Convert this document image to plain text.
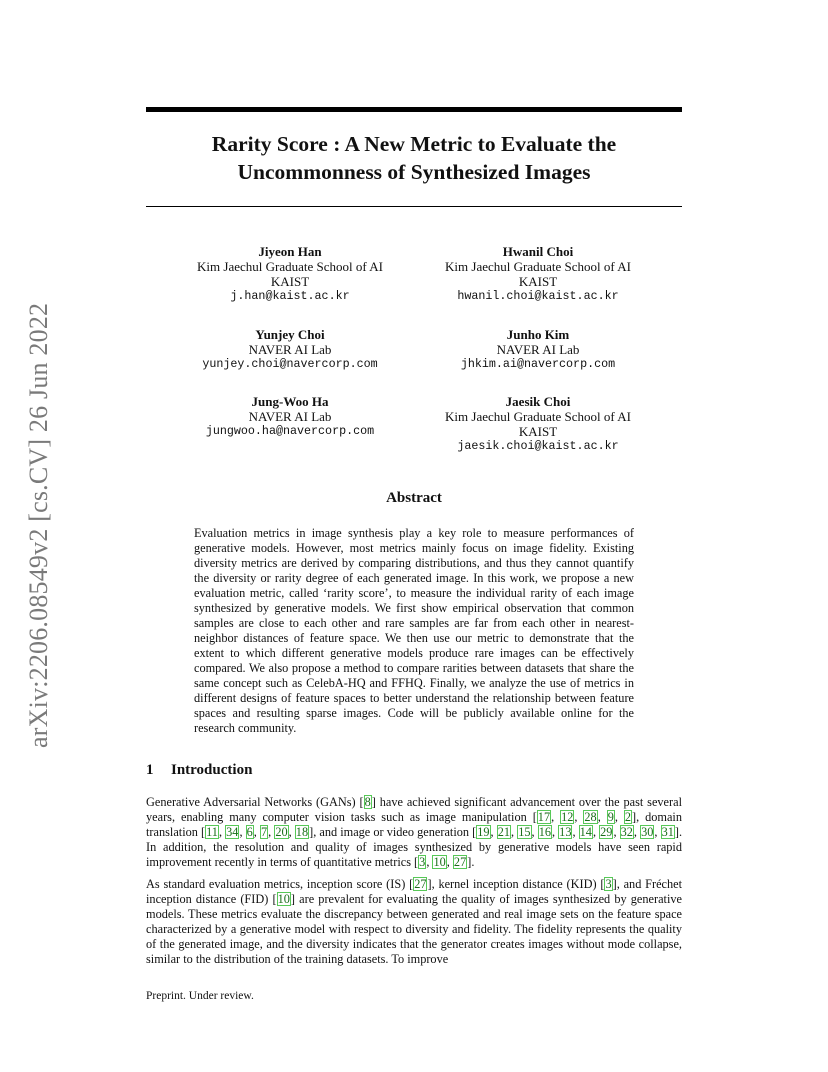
arXiv:2206.08549v2 [cs.CV] 26 Jun 2022
Rarity Score : A New Metric to Evaluate the
Uncommonness of Synthesized Images
Jiyeon Han
Kim Jaechul Graduate School of AI
KAIST
j.han@kaist.ac.kr
Hwanil Choi
Kim Jaechul Graduate School of AI
KAIST
hwanil.choi@kaist.ac.kr
Yunjey Choi
NAVER AI Lab
yunjey.choi@navercorp.com
Junho Kim
NAVER AI Lab
jhkim.ai@navercorp.com
Jung-Woo Ha
NAVER AI Lab
jungwoo.ha@navercorp.com
Jaesik Choi
Kim Jaechul Graduate School of AI
KAIST
jaesik.choi@kaist.ac.kr
Abstract
Evaluation metrics in image synthesis play a key role to measure performances of generative models. However, most metrics mainly focus on image fidelity. Existing diversity metrics are derived by comparing distributions, and thus they cannot quantify the diversity or rarity degree of each generated image. In this work, we propose a new evaluation metric, called ‘rarity score’, to measure the individual rarity of each image synthesized by generative models. We first show empirical observation that common samples are close to each other and rare samples are far from each other in nearest-neighbor distances of feature space. We then use our metric to demonstrate that the extent to which different generative models produce rare images can be effectively compared. We also propose a method to compare rarities between datasets that share the same concept such as CelebA-HQ and FFHQ. Finally, we analyze the use of metrics in different designs of feature spaces to better understand the relationship between feature spaces and resulting sparse images. Code will be publicly available online for the research community.
1 Introduction
Generative Adversarial Networks (GANs) [8] have achieved significant advancement over the past several years, enabling many computer vision tasks such as image manipulation [17, 12, 28, 9, 2], domain translation [11, 34, 6, 7, 20, 18], and image or video generation [19, 21, 15, 16, 13, 14, 29, 32, 30, 31]. In addition, the resolution and quality of images synthesized by generative models have seen rapid improvement recently in terms of quantitative metrics [3, 10, 27].
As standard evaluation metrics, inception score (IS) [27], kernel inception distance (KID) [3], and Fréchet inception distance (FID) [10] are prevalent for evaluating the quality of images synthesized by generative models. These metrics evaluate the discrepancy between generated and real image sets on the feature space characterized by a generative model with respect to diversity and fidelity. The fidelity represents the quality of the generated image, and the diversity indicates that the generator creates images without mode collapse, similar to the distribution of the training datasets. To improve
Preprint. Under review.
